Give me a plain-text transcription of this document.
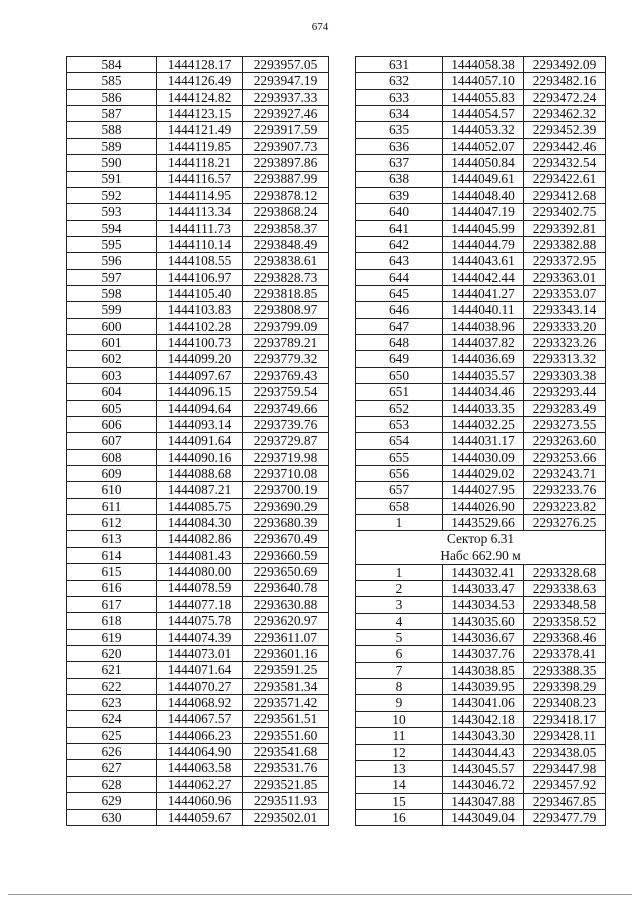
674
584	1444128.17	2293957.05
585	1444126.49	2293947.19
586	1444124.82	2293937.33
587	1444123.15	2293927.46
588	1444121.49	2293917.59
589	1444119.85	2293907.73
590	1444118.21	2293897.86
591	1444116.57	2293887.99
592	1444114.95	2293878.12
593	1444113.34	2293868.24
594	1444111.73	2293858.37
595	1444110.14	2293848.49
596	1444108.55	2293838.61
597	1444106.97	2293828.73
598	1444105.40	2293818.85
599	1444103.83	2293808.97
600	1444102.28	2293799.09
601	1444100.73	2293789.21
602	1444099.20	2293779.32
603	1444097.67	2293769.43
604	1444096.15	2293759.54
605	1444094.64	2293749.66
606	1444093.14	2293739.76
607	1444091.64	2293729.87
608	1444090.16	2293719.98
609	1444088.68	2293710.08
610	1444087.21	2293700.19
611	1444085.75	2293690.29
612	1444084.30	2293680.39
613	1444082.86	2293670.49
614	1444081.43	2293660.59
615	1444080.00	2293650.69
616	1444078.59	2293640.78
617	1444077.18	2293630.88
618	1444075.78	2293620.97
619	1444074.39	2293611.07
620	1444073.01	2293601.16
621	1444071.64	2293591.25
622	1444070.27	2293581.34
623	1444068.92	2293571.42
624	1444067.57	2293561.51
625	1444066.23	2293551.60
626	1444064.90	2293541.68
627	1444063.58	2293531.76
628	1444062.27	2293521.85
629	1444060.96	2293511.93
630	1444059.67	2293502.01
631	1444058.38	2293492.09
632	1444057.10	2293482.16
633	1444055.83	2293472.24
634	1444054.57	2293462.32
635	1444053.32	2293452.39
636	1444052.07	2293442.46
637	1444050.84	2293432.54
638	1444049.61	2293422.61
639	1444048.40	2293412.68
640	1444047.19	2293402.75
641	1444045.99	2293392.81
642	1444044.79	2293382.88
643	1444043.61	2293372.95
644	1444042.44	2293363.01
645	1444041.27	2293353.07
646	1444040.11	2293343.14
647	1444038.96	2293333.20
648	1444037.82	2293323.26
649	1444036.69	2293313.32
650	1444035.57	2293303.38
651	1444034.46	2293293.44
652	1444033.35	2293283.49
653	1444032.25	2293273.55
654	1444031.17	2293263.60
655	1444030.09	2293253.66
656	1444029.02	2293243.71
657	1444027.95	2293233.76
658	1444026.90	2293223.82
1	1443529.66	2293276.25

Сектор 6.31
Набс 662.90 м		

1	1443032.41	2293328.68
2	1443033.47	2293338.63
3	1443034.53	2293348.58
4	1443035.60	2293358.52
5	1443036.67	2293368.46
6	1443037.76	2293378.41
7	1443038.85	2293388.35
8	1443039.95	2293398.29
9	1443041.06	2293408.23
10	1443042.18	2293418.17
11	1443043.30	2293428.11
12	1443044.43	2293438.05
13	1443045.57	2293447.98
14	1443046.72	2293457.92
15	1443047.88	2293467.85
16	1443049.04	2293477.79
